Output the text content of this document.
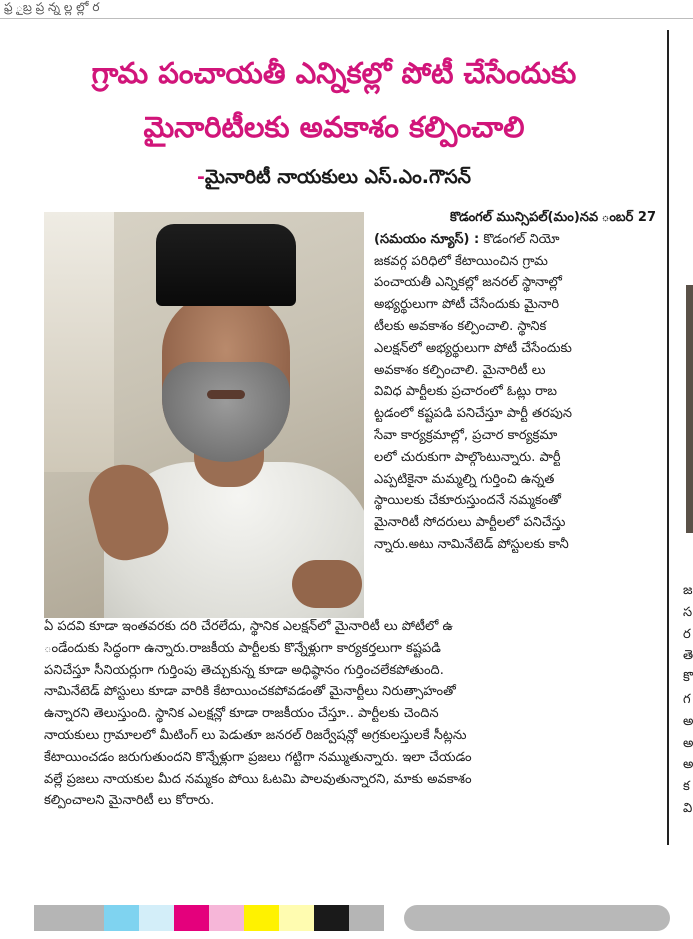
ఫ్ర ౖబ్ర ప్ర న్న ల్ల ల్లో ర
గ్రామ పంచాయతీ ఎన్నికల్లో పోటీ చేసేందుకు
మైనారిటీలకు అవకాశం కల్పించాలి
-మైనారిటీ నాయకులు ఎస్.ఎం.గౌసన్

కొడంగల్ మున్సిపల్(మం)నవ ంబర్ 27

(సమయం న్యూస్) : కొడంగల్ నియో

జకవర్గ పరిధిలో కేటాయించిన గ్రామ

పంచాయతీ ఎన్నికల్లో జనరల్ స్థానాల్లో

అభ్యర్థులుగా పోటీ చేసేందుకు మైనారి

టీలకు అవకాశం కల్పించాలి. స్థానిక

ఎలక్షన్‌లో అభ్యర్థులుగా పోటీ చేసేందుకు

అవకాశం కల్పించాలి. మైనారిటీ లు

వివిధ పార్టీలకు ప్రచారంలో ఓట్లు రాబ

ట్టడంలో కష్టపడి పనిచేస్తూ పార్టీ తరపున

సేవా కార్యక్రమాల్లో, ప్రచార కార్యక్రమా

లలో చురుకుగా పాల్గొంటున్నారు. పార్టీ

ఎప్పటికైనా మమ్మల్ని గుర్తించి ఉన్నత

స్థాయిలకు చేకూరుస్తుందనే నమ్మకంతో

మైనారిటీ సోదరులు పార్టీలలో పనిచేస్తు

న్నారు.అటు నామినేటెడ్ పోస్టులకు కానీ

ఏ పదవి కూడా ఇంతవరకు దరి చేరలేదు, స్థానిక ఎలక్షన్‌లో మైనారిటీ లు పోటీలో ఉ

ండేందుకు సిద్ధంగా ఉన్నారు.రాజకీయ పార్టీలకు కొన్నేళ్లుగా కార్యకర్తలుగా కష్టపడి

పనిచేస్తూ సీనియర్లుగా గుర్తింపు తెచ్చుకున్న కూడా అధిష్ఠానం గుర్తించలేకపోతుంది.

నామినేటెడ్ పోస్టులు కూడా వారికి కేటాయించకపోవడంతో మైనార్టీలు నిరుత్సాహంతో

ఉన్నారని తెలుస్తుంది. స్థానిక ఎలక్షన్లో కూడా రాజకీయం చేస్తూ.. పార్టీలకు చెందిన

నాయకులు గ్రామాలలో మీటింగ్ లు పెడుతూ జనరల్ రిజర్వేషన్లో అగ్రకులస్తులకే సీట్లను

కేటాయించడం జరుగుతుందని కొన్నేళ్లుగా ప్రజలు గట్టిగా నమ్ముతున్నారు. ఇలా చేయడం

వల్లే ప్రజలు నాయకుల మీద నమ్మకం పోయి ఓటమి పాలవుతున్నారని, మాకు అవకాశం

కల్పించాలని మైనారిటీ లు కోరారు.

జ
స
ర
తె
కొ
గ
అ
అ
అ
క
వి
